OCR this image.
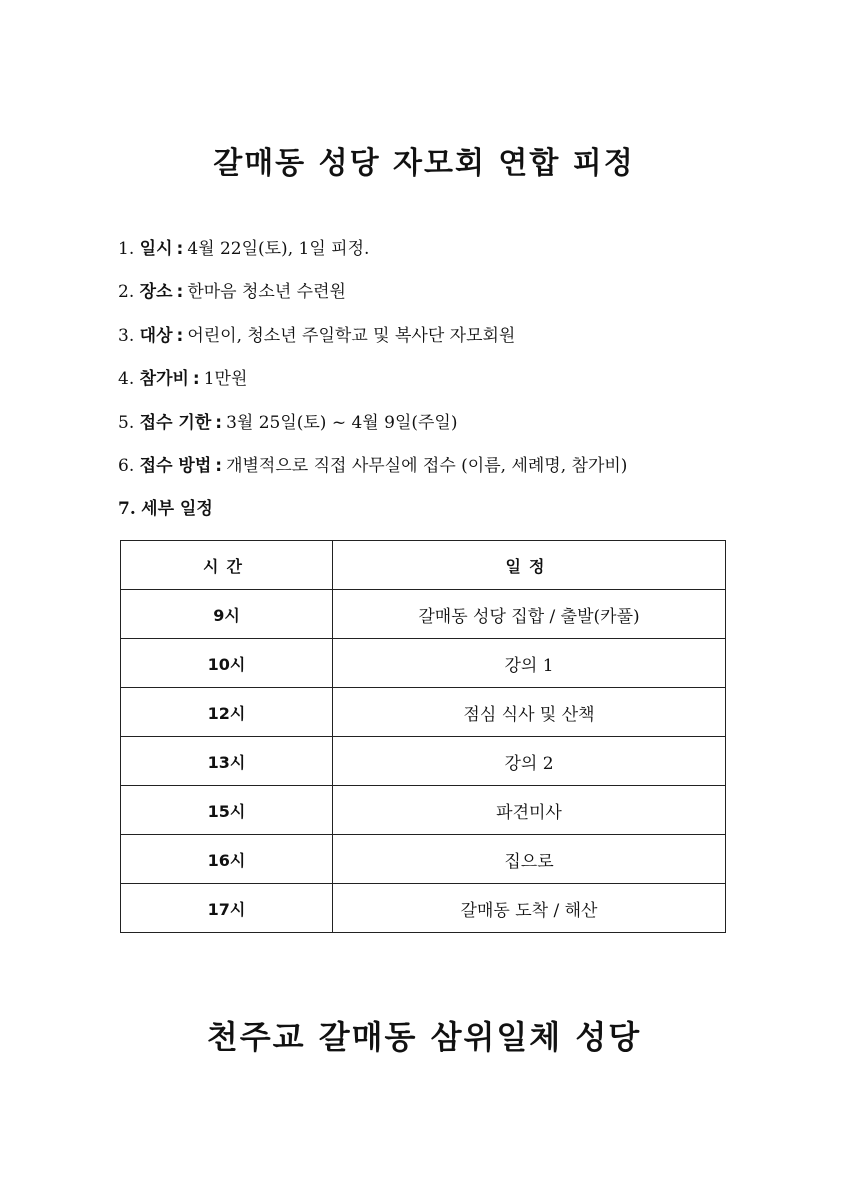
갈매동 성당 자모회 연합 피정
1. 일시 : 4월 22일(토), 1일 피정.
2. 장소 : 한마음 청소년 수련원
3. 대상 : 어린이, 청소년 주일학교 및 복사단 자모회원
4. 참가비 : 1만원
5. 접수 기한 : 3월 25일(토) ~ 4월 9일(주일)
6. 접수 방법 : 개별적으로 직접 사무실에 접수 (이름, 세례명, 참가비)
7. 세부 일정
시간	일정
9시	갈매동 성당 집합 / 출발(카풀)
10시	강의 1
12시	점심 식사 및 산책
13시	강의 2
15시	파견미사
16시	집으로
17시	갈매동 도착 / 해산
천주교 갈매동 삼위일체 성당
